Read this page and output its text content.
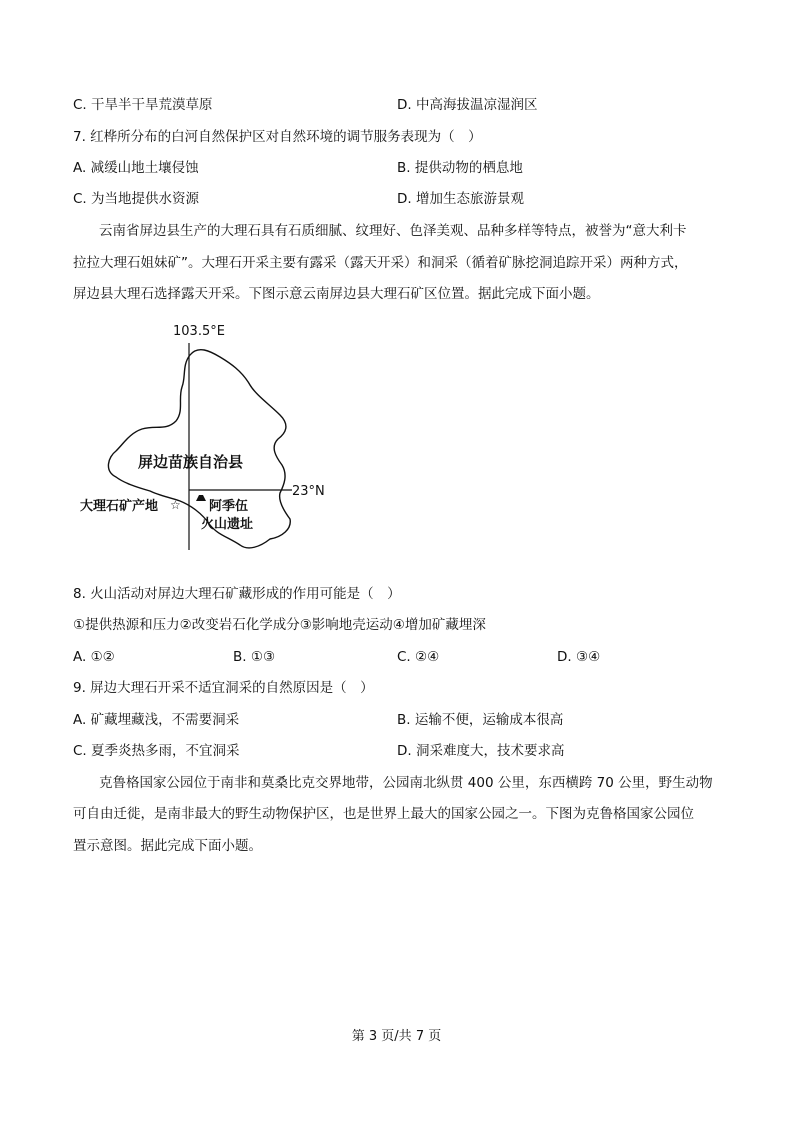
C. 干旱半干旱荒漠草原	D. 中高海拔温凉湿润区
7. 红桦所分布的白河自然保护区对自然环境的调节服务表现为（　）
A. 减缓山地土壤侵蚀	B. 提供动物的栖息地
C. 为当地提供水资源	D. 增加生态旅游景观
云南省屏边县生产的大理石具有石质细腻、纹理好、色泽美观、品种多样等特点，被誉为“意大利卡
拉拉大理石姐妹矿”。大理石开采主要有露采（露天开采）和洞采（循着矿脉挖洞追踪开采）两种方式，
屏边县大理石选择露天开采。下图示意云南屏边县大理石矿区位置。据此完成下面小题。
103.5°E
23°N
屏边苗族自治县
大理石矿产地 ☆ 阿季伍
火山遗址
8. 火山活动对屏边大理石矿藏形成的作用可能是（　）
①提供热源和压力②改变岩石化学成分③影响地壳运动④增加矿藏埋深
A. ①②	B. ①③	C. ②④	D. ③④
9. 屏边大理石开采不适宜洞采的自然原因是（　）
A. 矿藏埋藏浅，不需要洞采	B. 运输不便，运输成本很高
C. 夏季炎热多雨，不宜洞采	D. 洞采难度大，技术要求高
克鲁格国家公园位于南非和莫桑比克交界地带，公园南北纵贯 400 公里，东西横跨 70 公里，野生动物
可自由迁徙，是南非最大的野生动物保护区，也是世界上最大的国家公园之一。下图为克鲁格国家公园位
置示意图。据此完成下面小题。
第 3 页/共 7 页
